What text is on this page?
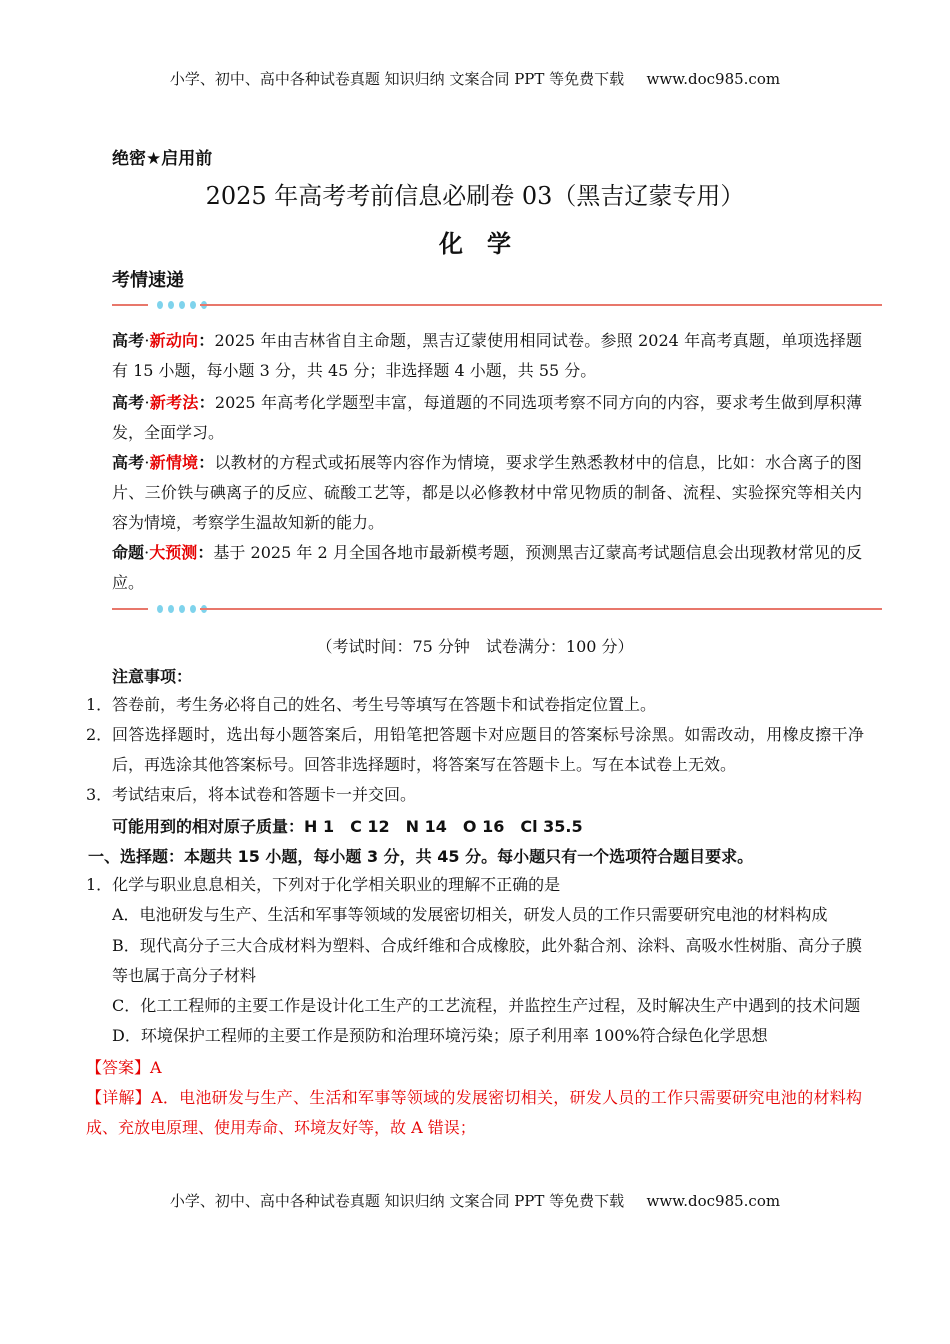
小学、初中、高中各种试卷真题 知识归纳 文案合同 PPT 等免费下载 www.doc985.com
绝密★启用前
2025 年高考考前信息必刷卷 03（黑吉辽蒙专用）
化　学
考情速递
高考·新动向：2025 年由吉林省自主命题，黑吉辽蒙使用相同试卷。参照 2024 年高考真题，单项选择题有 15 小题，每小题 3 分，共 45 分；非选择题 4 小题，共 55 分。
高考·新考法：2025 年高考化学题型丰富，每道题的不同选项考察不同方向的内容，要求考生做到厚积薄发，全面学习。
高考·新情境：以教材的方程式或拓展等内容作为情境，要求学生熟悉教材中的信息，比如：水合离子的图片、三价铁与碘离子的反应、硫酸工艺等，都是以必修教材中常见物质的制备、流程、实验探究等相关内容为情境，考察学生温故知新的能力。
命题·大预测：基于 2025 年 2 月全国各地市最新模考题，预测黑吉辽蒙高考试题信息会出现教材常见的反应。
（考试时间：75 分钟　试卷满分：100 分）
注意事项：
1． 答卷前，考生务必将自己的姓名、考生号等填写在答题卡和试卷指定位置上。
2． 回答选择题时，选出每小题答案后，用铅笔把答题卡对应题目的答案标号涂黑。如需改动，用橡皮擦干净后，再选涂其他答案标号。回答非选择题时，将答案写在答题卡上。写在本试卷上无效。
3． 考试结束后，将本试卷和答题卡一并交回。
可能用到的相对原子质量：H 1　C 12　N 14　O 16　Cl 35.5
一、选择题：本题共 15 小题，每小题 3 分，共 45 分。每小题只有一个选项符合题目要求。
1．化学与职业息息相关，下列对于化学相关职业的理解不正确的是
A．电池研发与生产、生活和军事等领域的发展密切相关，研发人员的工作只需要研究电池的材料构成
B．现代高分子三大合成材料为塑料、合成纤维和合成橡胶，此外黏合剂、涂料、高吸水性树脂、高分子膜等也属于高分子材料
C．化工工程师的主要工作是设计化工生产的工艺流程，并监控生产过程，及时解决生产中遇到的技术问题
D．环境保护工程师的主要工作是预防和治理环境污染；原子利用率 100%符合绿色化学思想
【答案】A
【详解】A．电池研发与生产、生活和军事等领域的发展密切相关，研发人员的工作只需要研究电池的材料构成、充放电原理、使用寿命、环境友好等，故 A 错误；
小学、初中、高中各种试卷真题 知识归纳 文案合同 PPT 等免费下载 www.doc985.com
